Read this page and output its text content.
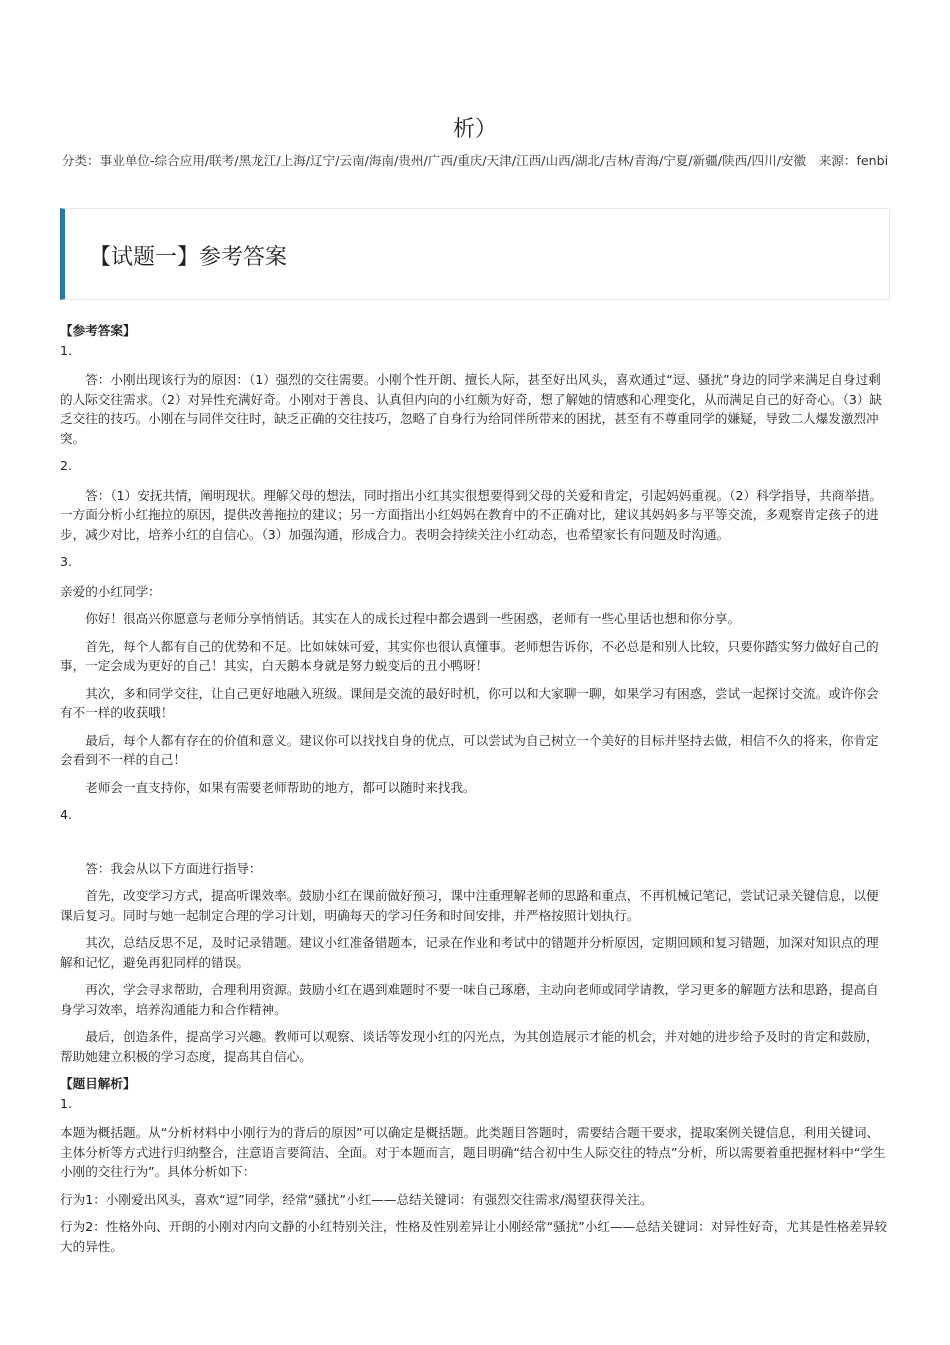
析）
分类：事业单位-综合应用/联考/黑龙江/上海/辽宁/云南/海南/贵州/广西/重庆/天津/江西/山西/湖北/吉林/青海/宁夏/新疆/陕西/四川/安徽　来源：fenbi
【试题一】参考答案

【参考答案】

1.

答：小刚出现该行为的原因：（1）强烈的交往需要。小刚个性开朗、擅长人际，甚至好出风头，喜欢通过“逗、骚扰”身边的同学来满足自身过剩的人际交往需求。（2）对异性充满好奇。小刚对于善良、认真但内向的小红颇为好奇，想了解她的情感和心理变化，从而满足自己的好奇心。（3）缺乏交往的技巧。小刚在与同伴交往时，缺乏正确的交往技巧，忽略了自身行为给同伴所带来的困扰，甚至有不尊重同学的嫌疑，导致二人爆发激烈冲突。

2.

答：（1）安抚共情，阐明现状。理解父母的想法，同时指出小红其实很想要得到父母的关爱和肯定，引起妈妈重视。（2）科学指导，共商举措。一方面分析小红拖拉的原因，提供改善拖拉的建议；另一方面指出小红妈妈在教育中的不正确对比，建议其妈妈多与平等交流，多观察肯定孩子的进步，减少对比，培养小红的自信心。（3）加强沟通，形成合力。表明会持续关注小红动态，也希望家长有问题及时沟通。

3.

亲爱的小红同学：

你好！很高兴你愿意与老师分享悄悄话。其实在人的成长过程中都会遇到一些困惑，老师有一些心里话也想和你分享。

首先，每个人都有自己的优势和不足。比如妹妹可爱，其实你也很认真懂事。老师想告诉你，不必总是和别人比较，只要你踏实努力做好自己的事，一定会成为更好的自己！其实，白天鹅本身就是努力蜕变后的丑小鸭呀！

其次，多和同学交往，让自己更好地融入班级。课间是交流的最好时机，你可以和大家聊一聊，如果学习有困惑，尝试一起探讨交流。或许你会有不一样的收获哦！

最后，每个人都有存在的价值和意义。建议你可以找找自身的优点，可以尝试为自己树立一个美好的目标并坚持去做，相信不久的将来，你肯定会看到不一样的自己！

老师会一直支持你，如果有需要老师帮助的地方，都可以随时来找我。

4.

答：我会从以下方面进行指导：

首先，改变学习方式，提高听课效率。鼓励小红在课前做好预习，课中注重理解老师的思路和重点，不再机械记笔记，尝试记录关键信息，以便课后复习。同时与她一起制定合理的学习计划，明确每天的学习任务和时间安排，并严格按照计划执行。

其次，总结反思不足，及时记录错题。建议小红准备错题本，记录在作业和考试中的错题并分析原因，定期回顾和复习错题，加深对知识点的理解和记忆，避免再犯同样的错误。

再次，学会寻求帮助，合理利用资源。鼓励小红在遇到难题时不要一味自己琢磨，主动向老师或同学请教，学习更多的解题方法和思路，提高自身学习效率，培养沟通能力和合作精神。

最后，创造条件，提高学习兴趣。教师可以观察、谈话等发现小红的闪光点，为其创造展示才能的机会，并对她的进步给予及时的肯定和鼓励，帮助她建立积极的学习态度，提高其自信心。

【题目解析】

1.

本题为概括题。从“分析材料中小刚行为的背后的原因”可以确定是概括题。此类题目答题时，需要结合题干要求，提取案例关键信息，利用关键词、主体分析等方式进行归纳整合，注意语言要简洁、全面。对于本题而言，题目明确“结合初中生人际交往的特点”分析，所以需要着重把握材料中“学生小刚的交往行为”。具体分析如下：

行为1：小刚爱出风头，喜欢“逗”同学，经常“骚扰”小红——总结关键词：有强烈交往需求/渴望获得关注。

行为2：性格外向、开朗的小刚对内向文静的小红特别关注，性格及性别差异让小刚经常“骚扰”小红——总结关键词：对异性好奇，尤其是性格差异较大的异性。
